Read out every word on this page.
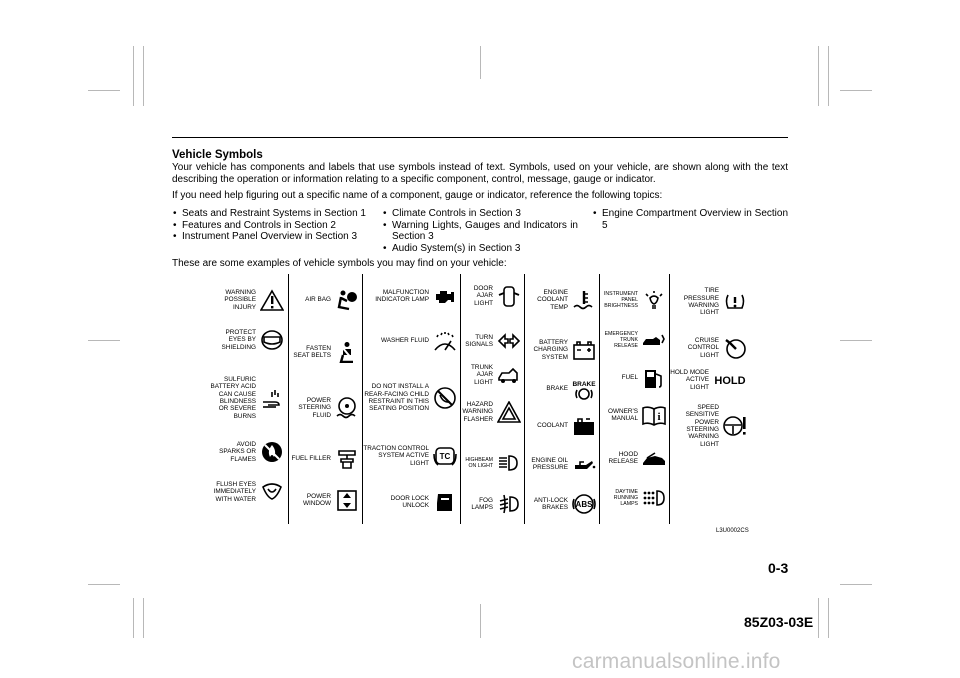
Vehicle Symbols

Your vehicle has components and labels that use symbols instead of text. Symbols, used on your vehicle, are shown along with the text describing the operation or information relating to a specific component, control, message, gauge or indicator.

If you need help figuring out a specific name of a component, gauge or indicator, reference the following topics:

• Seats and Restraint Systems in Section 1
• Features and Controls in Section 2
• Instrument Panel Overview in Section 3
• Climate Controls in Section 3
• Warning Lights, Gauges and Indicators in Section 3
• Audio System(s) in Section 3
• Engine Compartment Overview in Section 5

These are some examples of vehicle symbols you may find on your vehicle:

WARNING POSSIBLE INJURY
PROTECT EYES BY SHIELDING
SULFURIC BATTERY ACID CAN CAUSE BLINDNESS OR SEVERE BURNS
AVOID SPARKS OR FLAMES
FLUSH EYES IMMEDIATELY WITH WATER
AIR BAG
FASTEN SEAT BELTS
POWER STEERING FLUID
FUEL FILLER
POWER WINDOW
MALFUNCTION INDICATOR LAMP
WASHER FLUID
DO NOT INSTALL A REAR-FACING CHILD RESTRAINT IN THIS SEATING POSITION
TRACTION CONTROL SYSTEM ACTIVE LIGHT
TC
DOOR LOCK UNLOCK
DOOR AJAR LIGHT
TURN SIGNALS
TRUNK AJAR LIGHT
HAZARD WARNING FLASHER
HIGHBEAM ON LIGHT
FOG LAMPS
ENGINE COOLANT TEMP
BATTERY CHARGING SYSTEM
BRAKE
BRAKE
COOLANT
ENGINE OIL PRESSURE
ANTI-LOCK BRAKES ABS
INSTRUMENT PANEL BRIGHTNESS
EMERGENCY TRUNK RELEASE
FUEL
OWNER'S MANUAL i
HOOD RELEASE
DAYTIME RUNNING LAMPS
TIRE PRESSURE WARNING LIGHT
CRUISE CONTROL LIGHT
HOLD MODE ACTIVE LIGHT
HOLD
SPEED SENSITIVE POWER STEERING WARNING LIGHT
L3U0002CS
0-3
85Z03-03E
carmanualsonline.info
